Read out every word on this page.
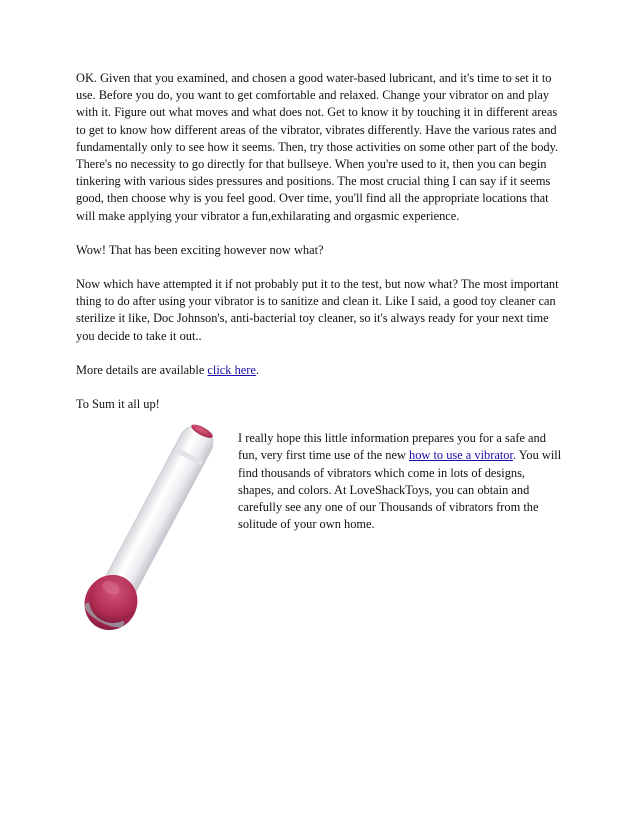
OK. Given that you examined, and chosen a good water-based lubricant, and it's time to set it to use. Before you do, you want to get comfortable and relaxed. Change your vibrator on and play with it. Figure out what moves and what does not. Get to know it by touching it in different areas to get to know how different areas of the vibrator, vibrates differently. Have the various rates and fundamentally only to see how it seems. Then, try those activities on some other part of the body. There's no necessity to go directly for that bullseye. When you're used to it, then you can begin tinkering with various sides pressures and positions. The most crucial thing I can say if it seems good, then choose why is you feel good. Over time, you'll find all the appropriate locations that will make applying your vibrator a fun,exhilarating and orgasmic experience.

Wow! That has been exciting however now what?

Now which have attempted it if not probably put it to the test, but now what? The most important thing to do after using your vibrator is to sanitize and clean it. Like I said, a good toy cleaner can sterilize it like, Doc Johnson's, anti-bacterial toy cleaner, so it's always ready for your next time you decide to take it out..

More details are available click here.

To Sum it all up!

I really hope this little information prepares you for a safe and fun, very first time use of the new how to use a vibrator. You will find thousands of vibrators which come in lots of designs, shapes, and colors. At LoveShackToys, you can obtain and carefully see any one of our Thousands of vibrators from the solitude of your own home.
